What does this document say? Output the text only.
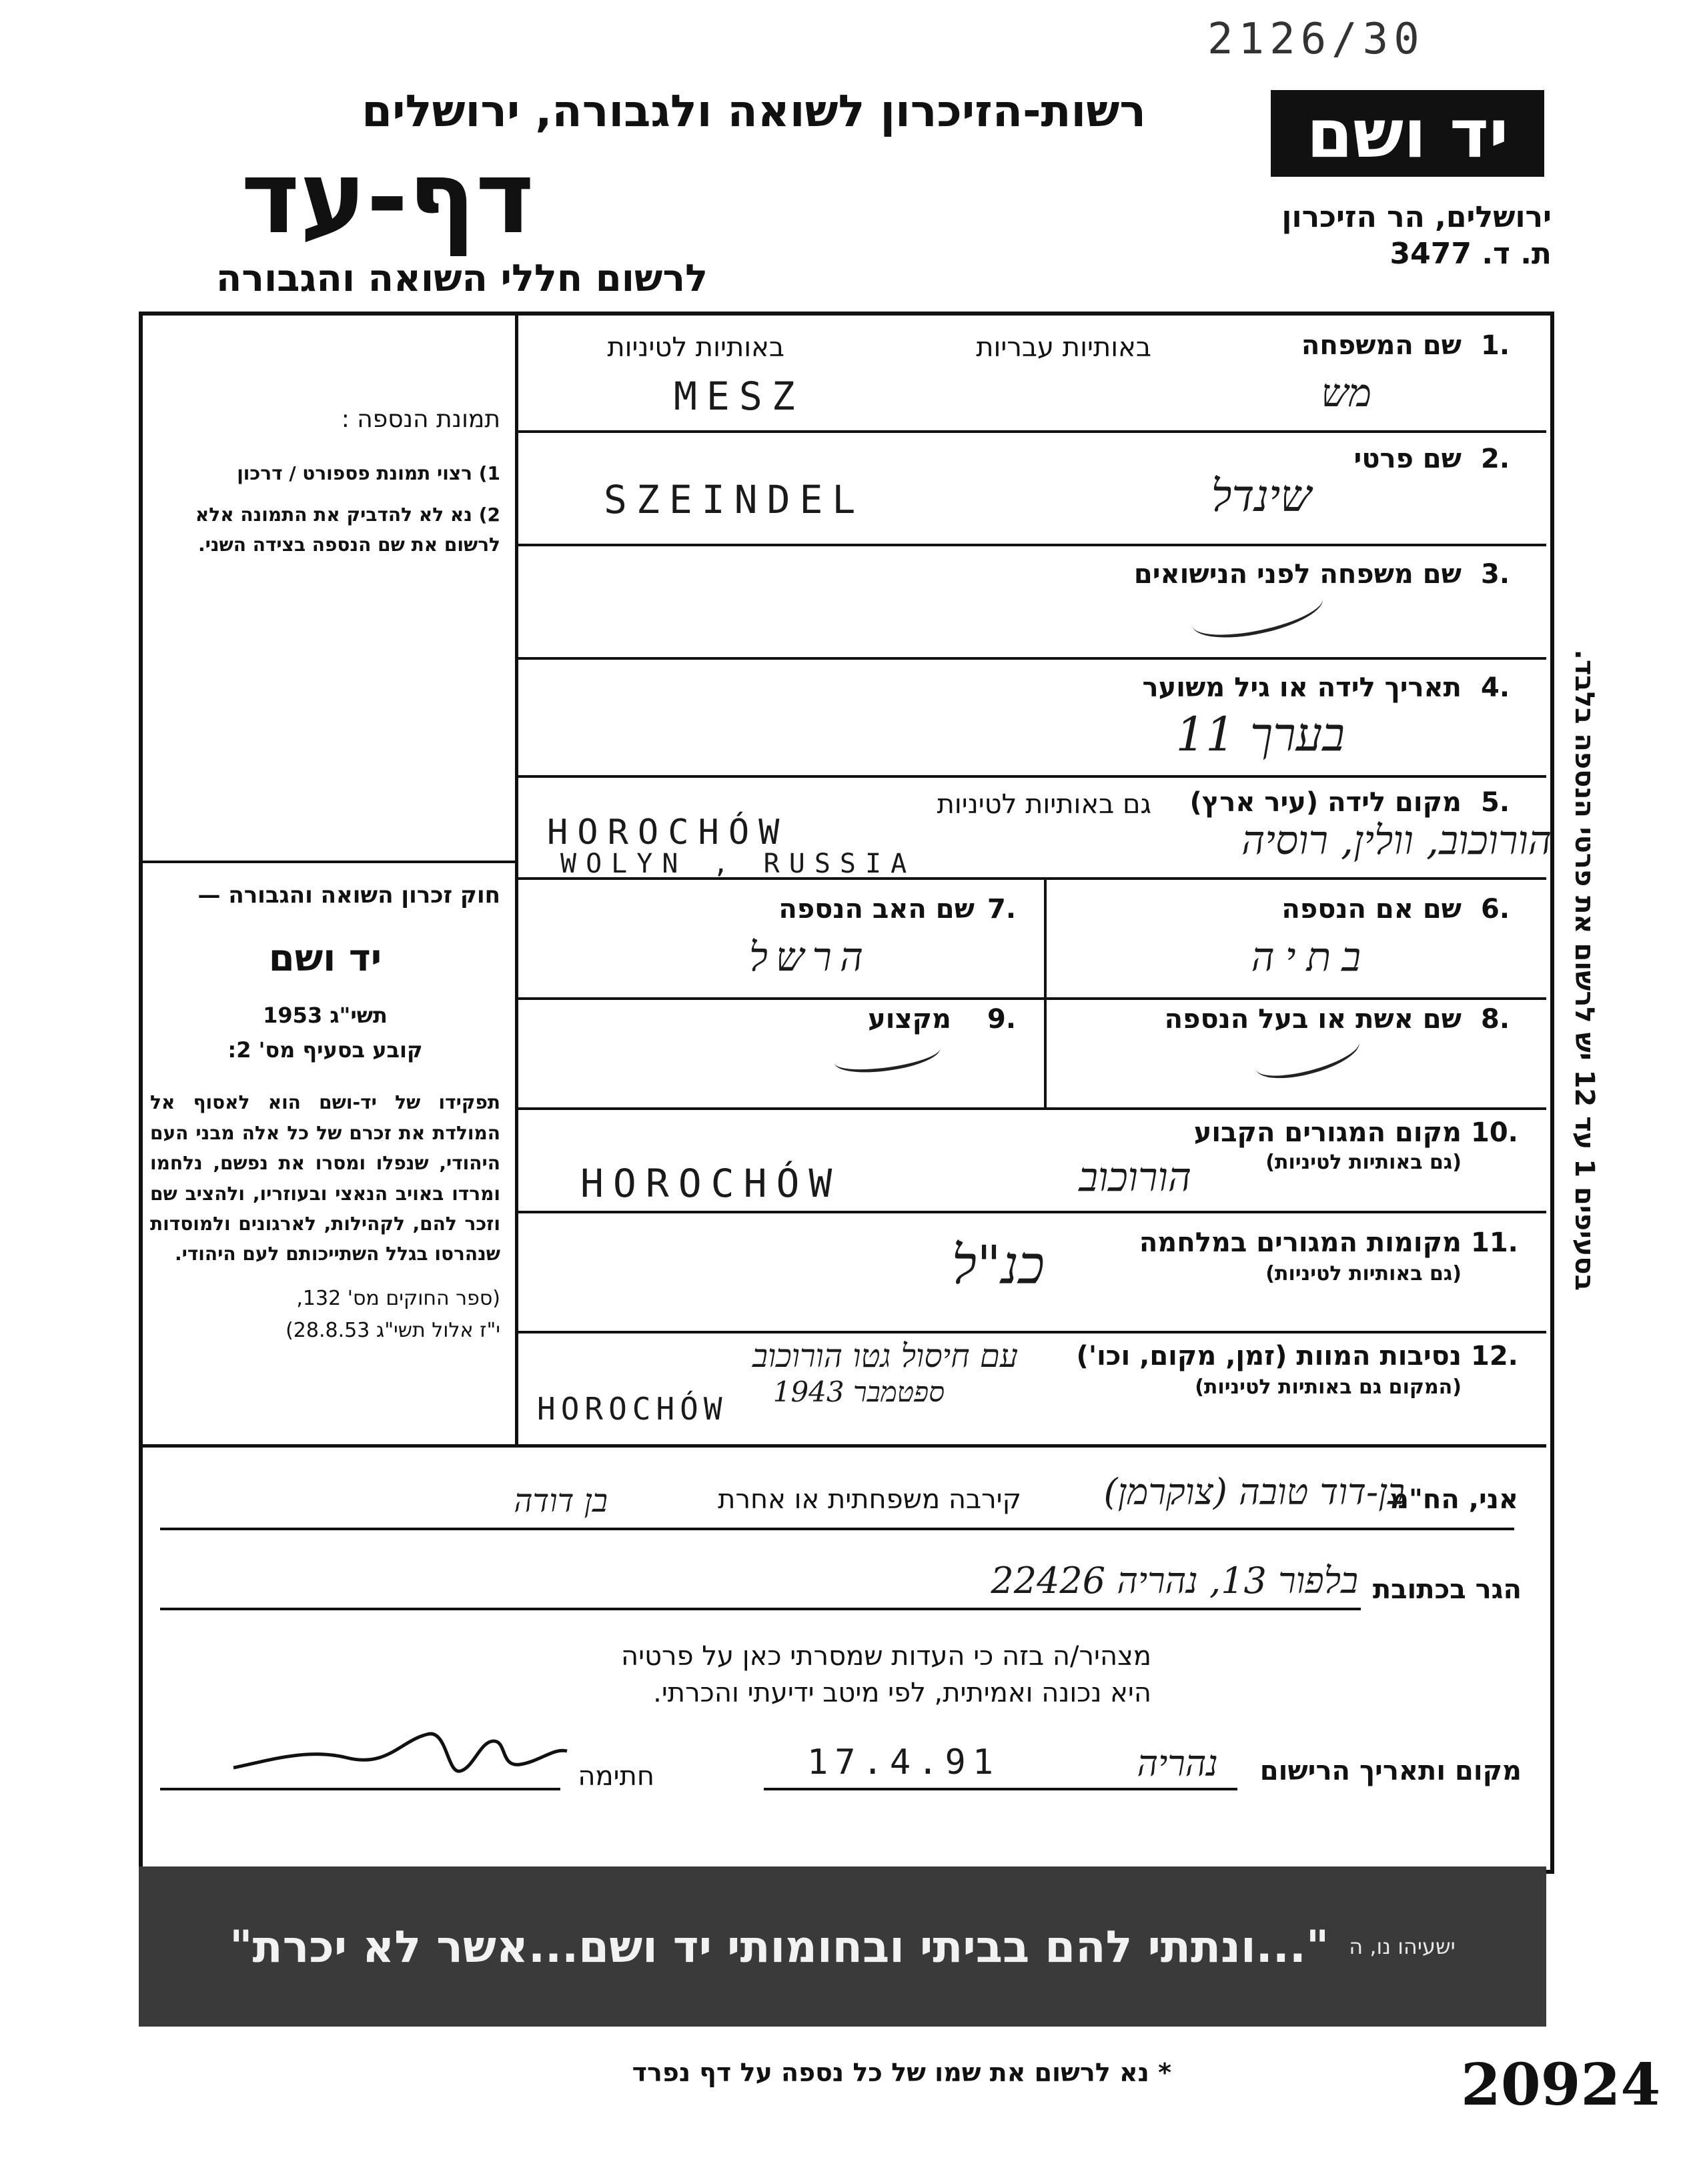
2126/30
20924
יד ושם
רשות-הזיכרון לשואה ולגבורה, ירושלים
דף-עד
לרשום חללי השואה והגבורה
ירושלים, הר הזיכרון
ת. ד. 3477
בסעיפים 1 עד 12 יש לרשום את פרטי הנספה בלבד.
תמונת הנספה :
1) רצוי תמונת פספורט / דרכון
2) נא לא להדביק את התמונה אלא לרשום את שם הנספה בצידה השני.
חוק זכרון השואה והגבורה —
יד ושם
תשי"ג 1953
קובע בסעיף מס' 2:
תפקידו של יד-ושם הוא לאסוף אל המולדת את זכרם של כל אלה מבני העם היהודי, שנפלו ומסרו את נפשם, נלחמו ומרדו באויב הנאצי ובעוזריו, ולהציב שם וזכר להם, לקהילות, לארגונים ולמוסדות שנהרסו בגלל השתייכותם לעם היהודי.
(ספר החוקים מס' 132,
י"ז אלול תשי"ג 28.8.53)
1.
שם המשפחה
באותיות עבריות
באותיות לטיניות
MESZ	מש
2.
שם פרטי
SZEINDEL	שינדל
3.
שם משפחה לפני הנישואים
4.
תאריך לידה או גיל משוער
בערך 11
5.
מקום לידה (עיר ארץ)
גם באותיות לטיניות
הורוכוב, וולין, רוסיה
HOROCHÓW
WOLYN , RUSSIA
6.
שם אם הנספה
בתיה
7.
שם האב הנספה
הרשל
8.
שם אשת או בעל הנספה
9.
מקצוע
10.
מקום המגורים הקבוע
(גם באותיות לטיניות)
HOROCHÓW	הורוכוב
11.
מקומות המגורים במלחמה
(גם באותיות לטיניות)
כנ"ל
12.
נסיבות המוות (זמן, מקום, וכו')
(המקום גם באותיות לטיניות)
עם חיסול גטו הורוכוב
ספטמבר 1943
HOROCHÓW
אני, הח"מ
בן-דוד טובה (צוקרמן)
קירבה משפחתית או אחרת
בן דודה
הגר בכתובת
בלפור 13, נהריה 22426
מצהיר/ה בזה כי העדות שמסרתי כאן על פרטיה
היא נכונה ואמיתית, לפי מיטב ידיעתי והכרתי.
מקום ותאריך הרישום
נהריה
17.4.91
חתימה
"...ונתתי להם בביתי ובחומותי יד ושם...אשר לא יכרת" ישעיהו נו, ה
* נא לרשום את שמו של כל נספה על דף נפרד
